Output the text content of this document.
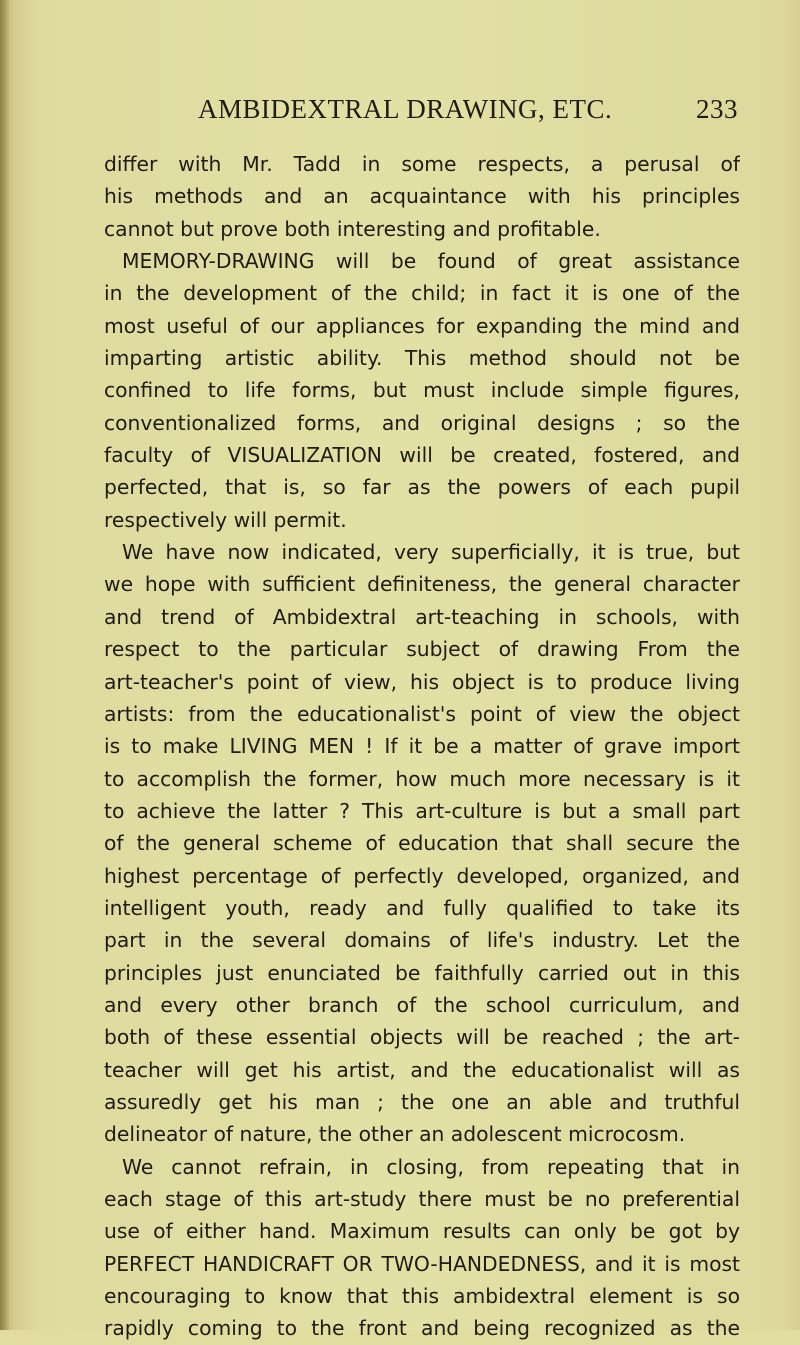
AMBIDEXTRAL DRAWING, ETC.	233
differ with Mr. Tadd in some respects, a perusal of
his methods and an acquaintance with his principles
cannot but prove both interesting and profitable.
MEMORY-DRAWING will be found of great assistance
in the development of the child; in fact it is one of the
most useful of our appliances for expanding the mind and
imparting artistic ability. This method should not be
confined to life forms, but must include simple figures,
conventionalized forms, and original designs ; so the
faculty of VISUALIZATION will be created, fostered, and
perfected, that is, so far as the powers of each pupil
respectively will permit.
We have now indicated, very superficially, it is true, but
we hope with sufficient definiteness, the general character
and trend of Ambidextral art-teaching in schools, with
respect to the particular subject of drawing From the
art-teacher's point of view, his object is to produce living
artists: from the educationalist's point of view the object
is to make LIVING MEN ! If it be a matter of grave import
to accomplish the former, how much more necessary is it
to achieve the latter ? This art-culture is but a small part
of the general scheme of education that shall secure the
highest percentage of perfectly developed, organized, and
intelligent youth, ready and fully qualified to take its
part in the several domains of life's industry. Let the
principles just enunciated be faithfully carried out in this
and every other branch of the school curriculum, and
both of these essential objects will be reached ; the art-
teacher will get his artist, and the educationalist will as
assuredly get his man ; the one an able and truthful
delineator of nature, the other an adolescent microcosm.
We cannot refrain, in closing, from repeating that in
each stage of this art-study there must be no preferential
use of either hand. Maximum results can only be got by
PERFECT HANDICRAFT OR TWO-HANDEDNESS, and it is most
encouraging to know that this ambidextral element is so
rapidly coming to the front and being recognized as the
